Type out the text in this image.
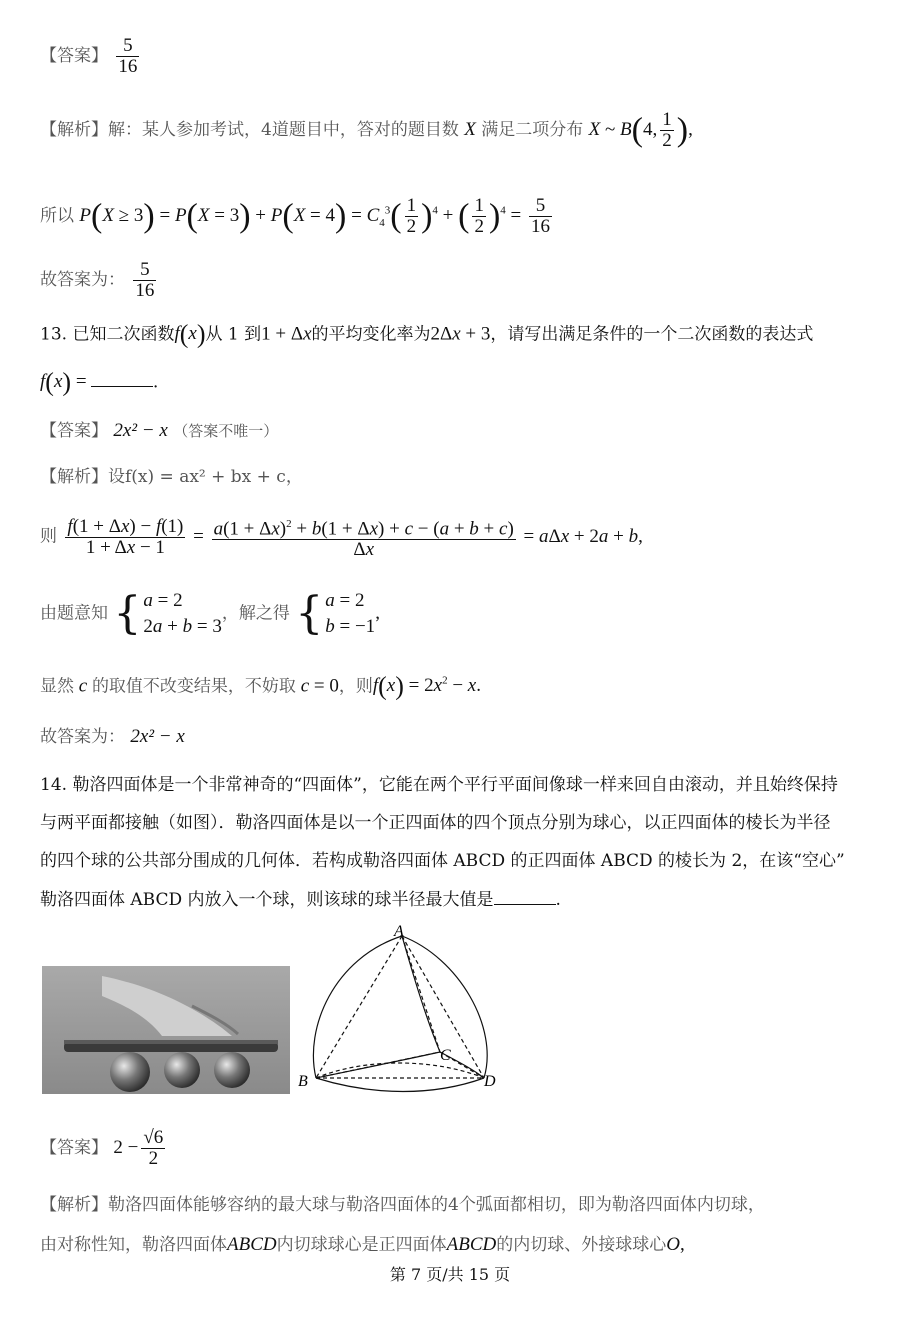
【答案】 $\frac{5}{16}$
【解析】解：某人参加考试，4道题目中，答对的题目数 X 满足二项分布 X ~ B(4, $\frac{1}{2}$ ),
所以 $P(X \ge 3) = P(X = 3) + P(X = 4) = C_4^3( \frac{1}{2} )^4$ + ( $\frac{1}{2} )^4 = \frac{5}{16}$
故答案为： $\frac{5}{16}$
13. 已知二次函数f(x)从 1 到1 + Δx的平均变化率为2Δx + 3，请写出满足条件的一个二次函数的表达式
f(x) =	.
【答案】 2x² − x （答案不唯一）
【解析】设f(x) = ax² + bx + c，
则 $\frac{f(1 + \Delta x) - f(1)}{1 + \Delta x - 1} = \frac{a(1 + \Delta x)^2 + b(1 + \Delta x) + c - (a + b + c)}{\Delta x} = a\Delta x + 2a + b$,
由题意知 { a = 2
2a + b = 3，解之得 { a = 2
b = −1,
显然 c 的取值不改变结果，不妨取 c = 0，则$f(x) = 2x^2 - x$.
故答案为： 2x² − x
14. 勒洛四面体是一个非常神奇的“四面体”，它能在两个平行平面间像球一样来回自由滚动，并且始终保持
与两平面都接触（如图）．勒洛四面体是以一个正四面体的四个顶点分别为球心，以正四面体的棱长为半径
的四个球的公共部分围成的几何体．若构成勒洛四面体 ABCD 的正四面体 ABCD 的棱长为 2，在该“空心”
勒洛四面体 ABCD 内放入一个球，则该球的球半径最大值是	.
A
B
C
D
【答案】 $2 - \frac{√6}{2}$
【解析】勒洛四面体能够容纳的最大球与勒洛四面体的4个弧面都相切，即为勒洛四面体内切球，
由对称性知，勒洛四面体ABCD内切球球心是正四面体ABCD的内切球、外接球球心O,
第 7 页/共 15 页
